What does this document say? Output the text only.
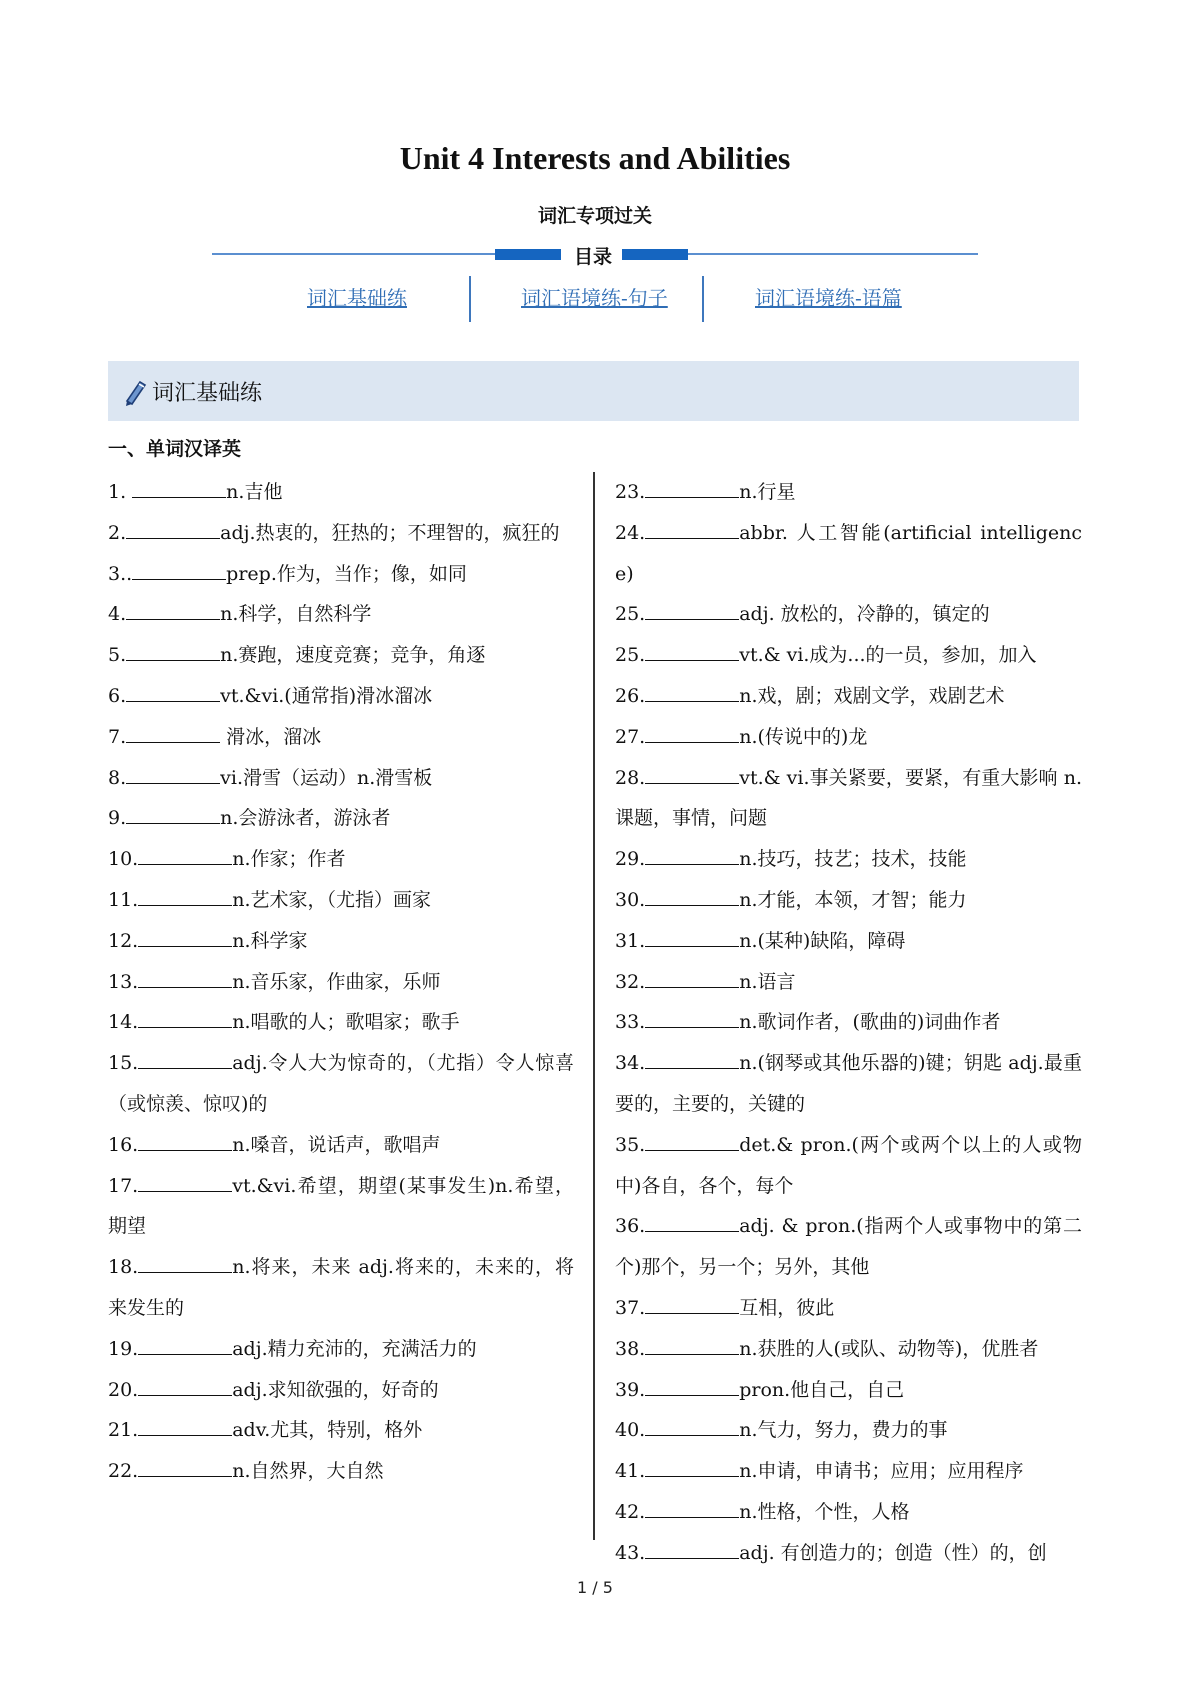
Unit 4 Interests and Abilities
词汇专项过关
目录
词汇基础练	词汇语境练-句子	词汇语境练-语篇
词汇基础练
一、单词汉译英

1.	n.吉他

2.	adj.热衷的，狂热的；不理智的，疯狂的

3..	prep.作为，当作；像，如同

4.	n.科学，自然科学

5.	n.赛跑，速度竞赛；竞争，角逐

6.	vt.&vi.(通常指)滑冰溜冰

7.	滑冰，溜冰

8.	vi.滑雪（运动）n.滑雪板

9.	n.会游泳者，游泳者

10.	n.作家；作者

11.	n.艺术家，（尤指）画家

12.	n.科学家

13.	n.音乐家，作曲家，乐师

14.	n.唱歌的人；歌唱家；歌手

15.	adj.令人大为惊奇的，（尤指）令人惊喜（或惊羡、惊叹)的

16.	n.嗓音，说话声，歌唱声

17.	vt.&vi.希望，期望(某事发生)n.希望，期望

18.	n.将来，未来 adj.将来的，未来的，将来发生的

19.	adj.精力充沛的，充满活力的

20.	adj.求知欲强的，好奇的

21.	adv.尤其，特别，格外

22.	n.自然界，大自然

23.	n.行星

24.	abbr. 人工智能(artificial intelligence)

25.	adj. 放松的，冷静的，镇定的

25.	vt.& vi.成为...的一员，参加，加入

26.	n.戏，剧；戏剧文学，戏剧艺术

27.	n.(传说中的)龙

28.	vt.& vi.事关紧要，要紧，有重大影响 n.课题，事情，问题

29.	n.技巧，技艺；技术，技能

30.	n.才能，本领，才智；能力

31.	n.(某种)缺陷，障碍

32.	n.语言

33.	n.歌词作者，(歌曲的)词曲作者

34.	n.(钢琴或其他乐器的)键；钥匙 adj.最重要的，主要的，关键的

35.	det.& pron.(两个或两个以上的人或物中)各自，各个，每个

36.	adj. & pron.(指两个人或事物中的第二个)那个，另一个；另外，其他

37.	互相，彼此

38.	n.获胜的人(或队、动物等)，优胜者

39.	pron.他自己，自己

40.	n.气力，努力，费力的事

41.	n.申请，申请书；应用；应用程序

42.	n.性格，个性，人格

43.	adj. 有创造力的；创造（性）的，创

1 / 5
